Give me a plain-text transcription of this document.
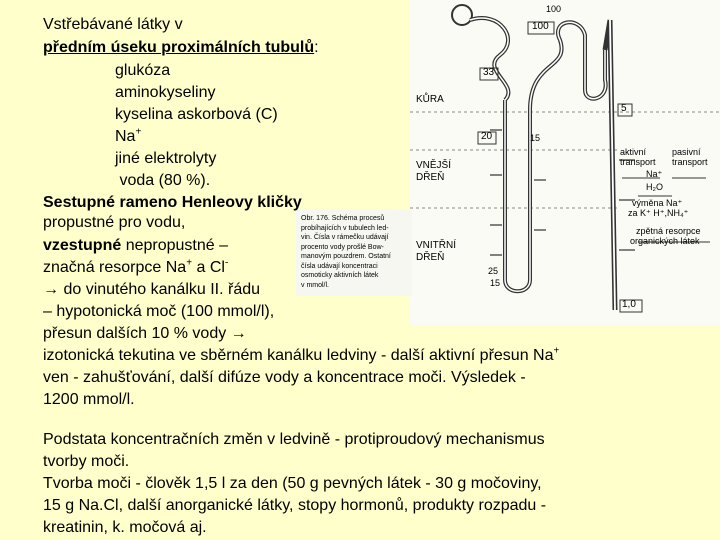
100
33
20
5
1,0
100
25
15
15
KŮRA
VNĚJŠÍ
DŘEŇ
VNITŘNÍ
DŘEŇ
aktivní	pasivní
transport transport
Na⁺
H₂O
výměna Na⁺
za K⁺ H⁺,NH₄⁺
zpětná resorpce
organických látek
Obr. 176. Schéma procesů
probíhajících v tubulech led-
vin. Čísla v rámečku udávají
procento vody prošlé Bow-
manovým pouzdrem. Ostatní
čísla udávají koncentraci
osmoticky aktivních látek
v mmol/l.
Vstřebávané látky v
předním úseku proximálních tubulů:
glukóza
aminokyseliny
kyselina askorbová (C)
Na+
jiné elektrolyty
voda (80 %).
Sestupné rameno Henleovy kličky
propustné pro vodu,
vzestupné nepropustné –
značná resorpce Na+ a Cl-
→ do vinutého kanálku II. řádu
– hypotonická moč (100 mmol/l),
přesun dalších 10 % vody →
izotonická tekutina ve sběrném kanálku ledviny - další aktivní přesun Na+
ven - zahušťování, další difúze vody a koncentrace moči. Výsledek -
1200 mmol/l.
Podstata koncentračních změn v ledvině - protiproudový mechanismus
tvorby moči.
Tvorba moči - člověk 1,5 l za den (50 g pevných látek - 30 g močoviny,
15 g Na.Cl, další anorganické látky, stopy hormonů, produkty rozpadu -
kreatinin, k. močová aj.
